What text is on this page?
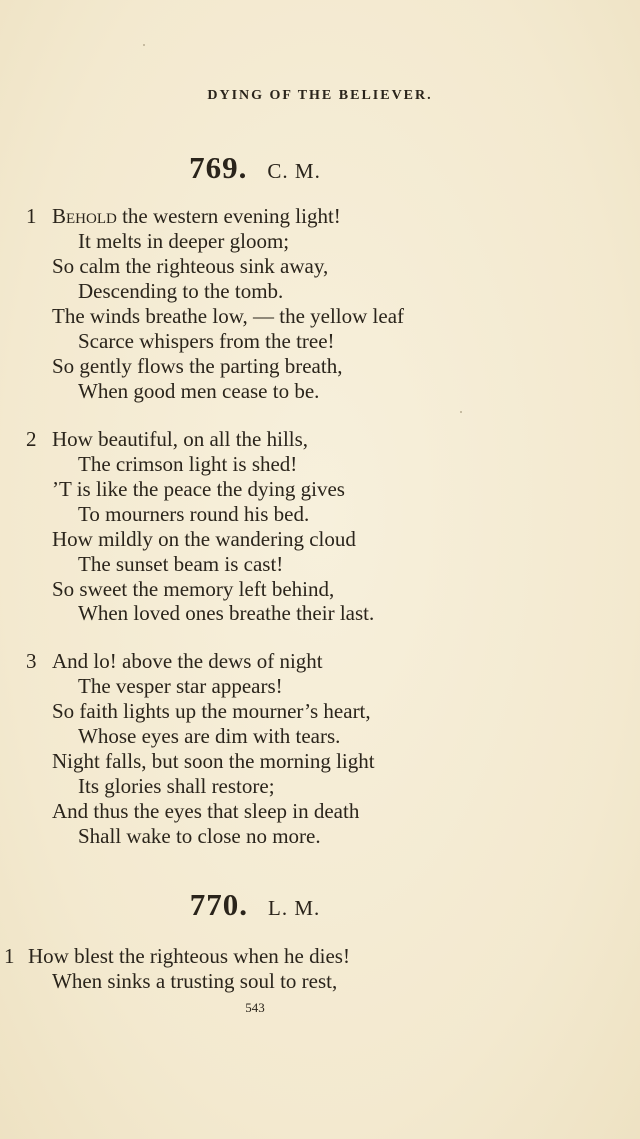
DYING OF THE BELIEVER.
769. C. M.
1 Behold the western evening light!
It melts in deeper gloom;
So calm the righteous sink away,
Descending to the tomb.
The winds breathe low, — the yellow leaf
Scarce whispers from the tree!
So gently flows the parting breath,
When good men cease to be.
2 How beautiful, on all the hills,
The crimson light is shed!
’T is like the peace the dying gives
To mourners round his bed.
How mildly on the wandering cloud
The sunset beam is cast!
So sweet the memory left behind,
When loved ones breathe their last.
3 And lo! above the dews of night
The vesper star appears!
So faith lights up the mourner’s heart,
Whose eyes are dim with tears.
Night falls, but soon the morning light
Its glories shall restore;
And thus the eyes that sleep in death
Shall wake to close no more.
770. L. M.
1 How blest the righteous when he dies!
When sinks a trusting soul to rest,
543
